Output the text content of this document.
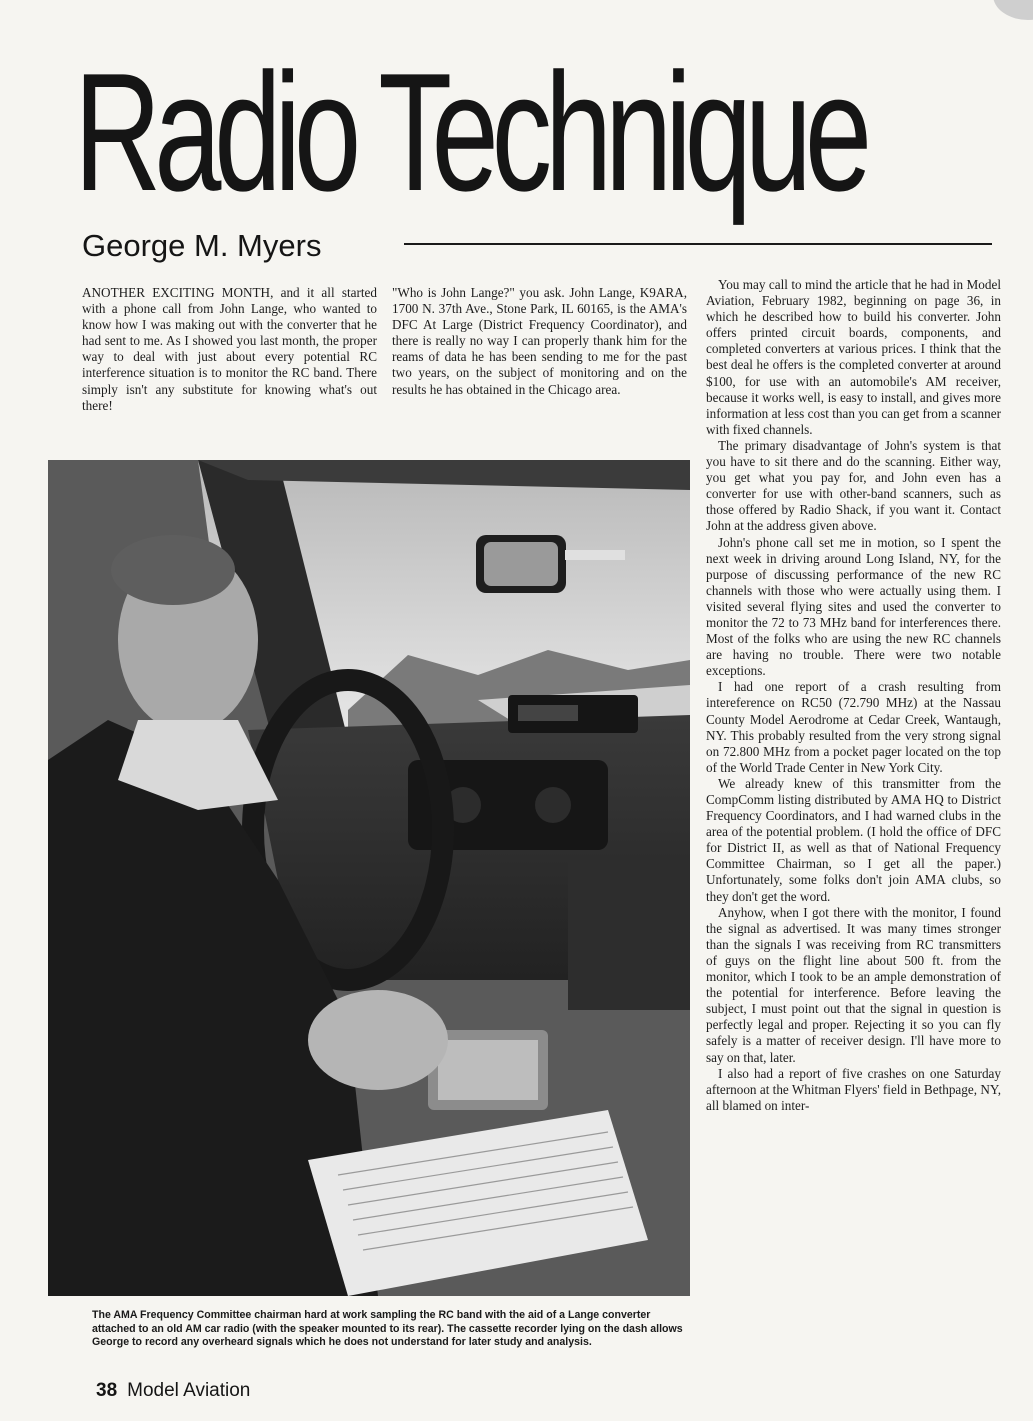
Radio Technique
George M. Myers

ANOTHER EXCITING MONTH, and it all started with a phone call from John Lange, who wanted to know how I was making out with the converter that he had sent to me. As I showed you last month, the proper way to deal with just about every potential RC interference situation is to monitor the RC band. There simply isn't any substitute for knowing what's out there!

"Who is John Lange?" you ask. John Lange, K9ARA, 1700 N. 37th Ave., Stone Park, IL 60165, is the AMA's DFC At Large (District Frequency Coordinator), and there is really no way I can properly thank him for the reams of data he has been sending to me for the past two years, on the subject of monitoring and on the results he has obtained in the Chicago area.

You may call to mind the article that he had in Model Aviation, February 1982, beginning on page 36, in which he described how to build his converter. John offers printed circuit boards, components, and completed converters at various prices. I think that the best deal he offers is the completed converter at around $100, for use with an automobile's AM receiver, because it works well, is easy to install, and gives more information at less cost than you can get from a scanner with fixed channels.

The primary disadvantage of John's system is that you have to sit there and do the scanning. Either way, you get what you pay for, and John even has a converter for use with other-band scanners, such as those offered by Radio Shack, if you want it. Contact John at the address given above.

John's phone call set me in motion, so I spent the next week in driving around Long Island, NY, for the purpose of discussing performance of the new RC channels with those who were actually using them. I visited several flying sites and used the converter to monitor the 72 to 73 MHz band for interferences there. Most of the folks who are using the new RC channels are having no trouble. There were two notable exceptions.

I had one report of a crash resulting from intereference on RC50 (72.790 MHz) at the Nassau County Model Aerodrome at Cedar Creek, Wantaugh, NY. This probably resulted from the very strong signal on 72.800 MHz from a pocket pager located on the top of the World Trade Center in New York City.

We already knew of this transmitter from the CompComm listing distributed by AMA HQ to District Frequency Coordinators, and I had warned clubs in the area of the potential problem. (I hold the office of DFC for District II, as well as that of National Frequency Committee Chairman, so I get all the paper.) Unfortunately, some folks don't join AMA clubs, so they don't get the word.

Anyhow, when I got there with the monitor, I found the signal as advertised. It was many times stronger than the signals I was receiving from RC transmitters of guys on the flight line about 500 ft. from the monitor, which I took to be an ample demonstration of the potential for interference. Before leaving the subject, I must point out that the signal in question is perfectly legal and proper. Rejecting it so you can fly safely is a matter of receiver design. I'll have more to say on that, later.

I also had a report of five crashes on one Saturday afternoon at the Whitman Flyers' field in Bethpage, NY, all blamed on inter-

The AMA Frequency Committee chairman hard at work sampling the RC band with the aid of a Lange converter attached to an old AM car radio (with the speaker mounted to its rear). The cassette recorder lying on the dash allows George to record any overheard signals which he does not understand for later study and analysis.
38 Model Aviation
